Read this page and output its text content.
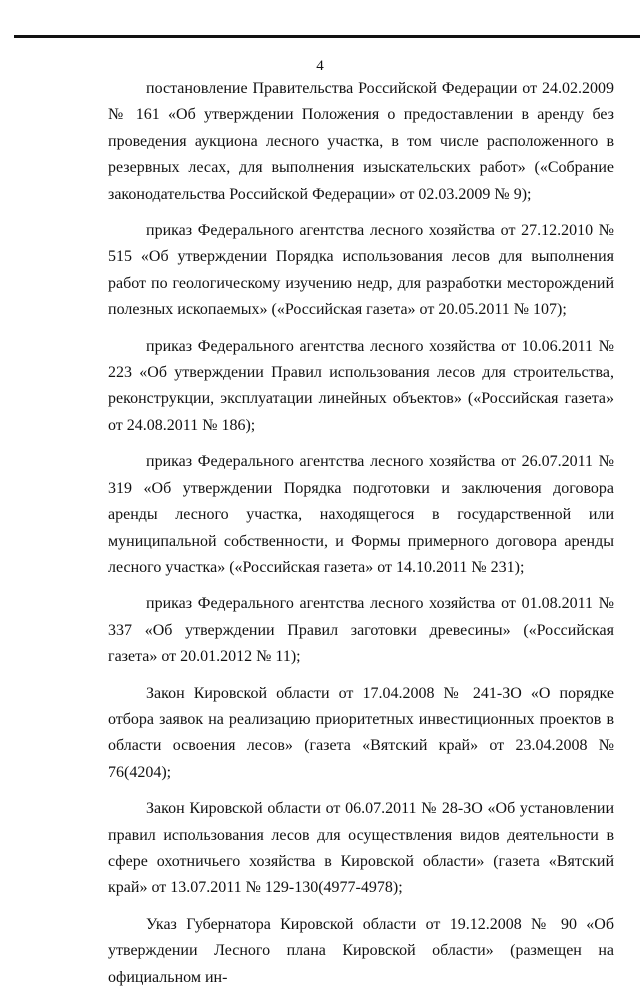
4

постановление Правительства Российской Федерации от 24.02.2009 № 161 «Об утверждении Положения о предоставлении в аренду без проведения аукциона лесного участка, в том числе расположенного в резервных лесах, для выполнения изыскательских работ» («Собрание законодательства Российской Федерации» от 02.03.2009 № 9);

приказ Федерального агентства лесного хозяйства от 27.12.2010 № 515 «Об утверждении Порядка использования лесов для выполнения работ по геологическому изучению недр, для разработки месторождений полезных ископаемых» («Российская газета» от 20.05.2011 № 107);

приказ Федерального агентства лесного хозяйства от 10.06.2011 № 223 «Об утверждении Правил использования лесов для строительства, реконструкции, эксплуатации линейных объектов» («Российская газета» от 24.08.2011 № 186);

приказ Федерального агентства лесного хозяйства от 26.07.2011 № 319 «Об утверждении Порядка подготовки и заключения договора аренды лесного участка, находящегося в государственной или муниципальной собственности, и Формы примерного договора аренды лесного участка» («Российская газета» от 14.10.2011 № 231);

приказ Федерального агентства лесного хозяйства от 01.08.2011 № 337 «Об утверждении Правил заготовки древесины» («Российская газета» от 20.01.2012 № 11);

Закон Кировской области от 17.04.2008 № 241-ЗО «О порядке отбора заявок на реализацию приоритетных инвестиционных проектов в области освоения лесов» (газета «Вятский край» от 23.04.2008 № 76(4204);

Закон Кировской области от 06.07.2011 № 28-ЗО «Об установлении правил использования лесов для осуществления видов деятельности в сфере охотничьего хозяйства в Кировской области» (газета «Вятский край» от 13.07.2011 № 129-130(4977-4978);

Указ Губернатора Кировской области от 19.12.2008 № 90 «Об утверждении Лесного плана Кировской области» (размещен на официальном ин-
